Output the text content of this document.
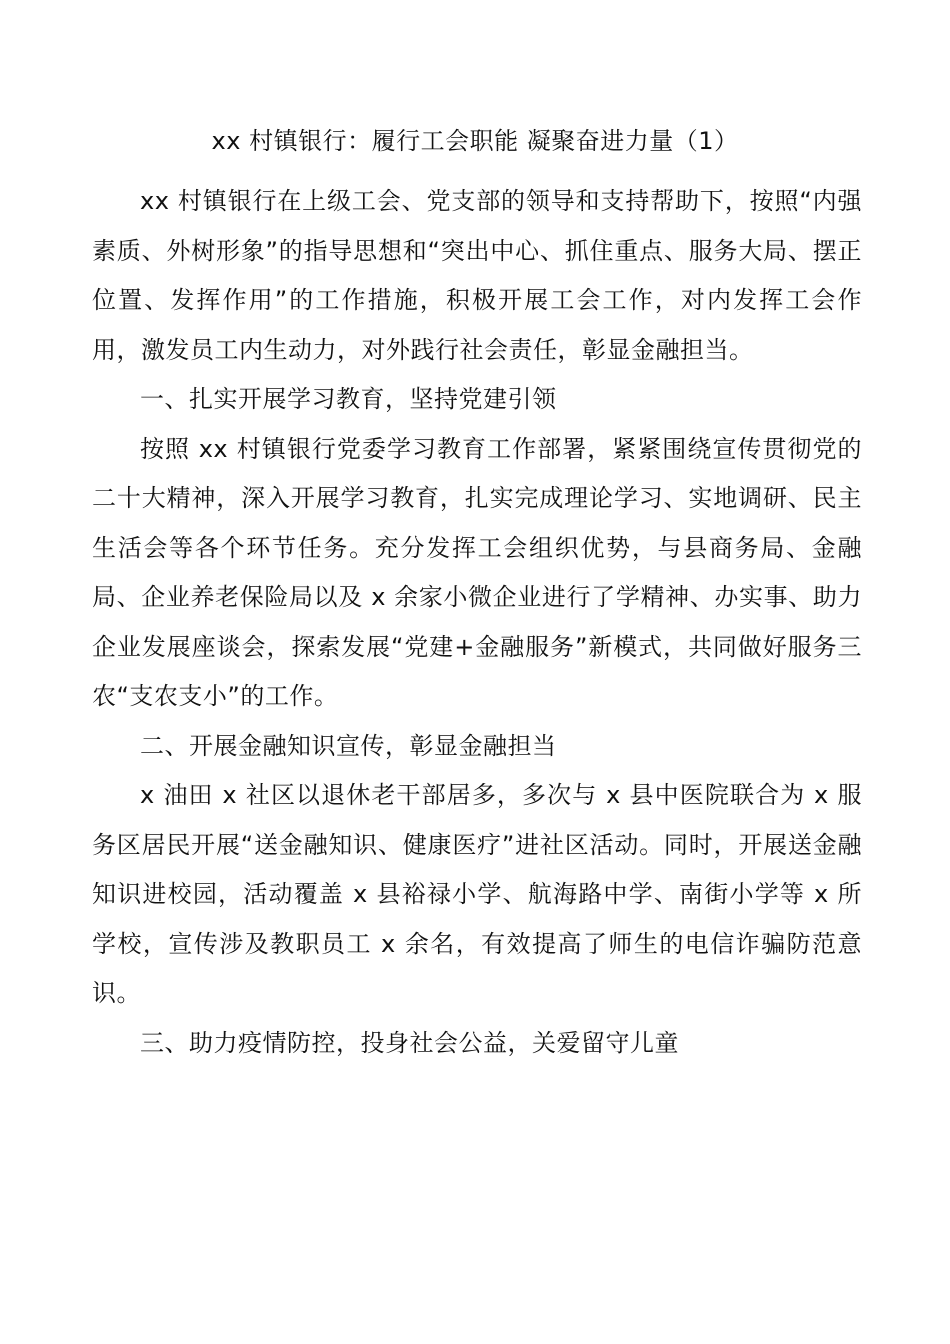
xx 村镇银行：履行工会职能 凝聚奋进力量（1）

xx 村镇银行在上级工会、党支部的领导和支持帮助下，按照“内强素质、外树形象”的指导思想和“突出中心、抓住重点、服务大局、摆正位置、发挥作用”的工作措施，积极开展工会工作，对内发挥工会作用，激发员工内生动力，对外践行社会责任，彰显金融担当。

一、扎实开展学习教育，坚持党建引领

按照 xx 村镇银行党委学习教育工作部署，紧紧围绕宣传贯彻党的二十大精神，深入开展学习教育，扎实完成理论学习、实地调研、民主生活会等各个环节任务。充分发挥工会组织优势，与县商务局、金融局、企业养老保险局以及 x 余家小微企业进行了学精神、办实事、助力企业发展座谈会，探索发展“党建+金融服务”新模式，共同做好服务三农“支农支小”的工作。

二、开展金融知识宣传，彰显金融担当

x 油田 x 社区以退休老干部居多，多次与 x 县中医院联合为 x 服务区居民开展“送金融知识、健康医疗”进社区活动。同时，开展送金融知识进校园，活动覆盖 x 县裕禄小学、航海路中学、南街小学等 x 所学校，宣传涉及教职员工 x 余名，有效提高了师生的电信诈骗防范意识。

三、助力疫情防控，投身社会公益，关爱留守儿童
